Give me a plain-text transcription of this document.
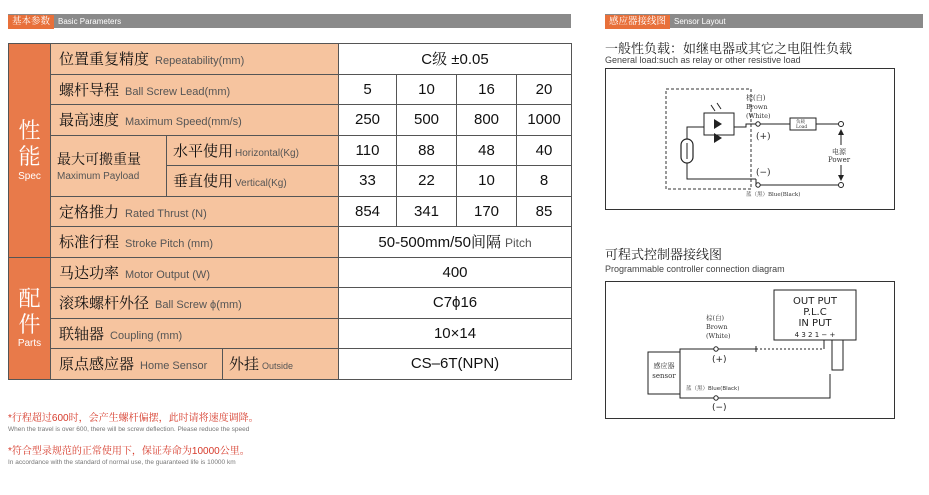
基本参数 Basic Parameters	感应器接线图 Sensor Layout
性
能
Spec	位置重复精度 Repeatability(mm)			C级 ±0.05			
	螺杆导程 Ball Screw Lead(mm)			5	10	16	20
	最高速度 Maximum Speed(mm/s)			250	500	800	1000

	最大可搬重量
Maximum Payload	水平使用 Horizontal(Kg)		110	88	48	40
		垂直使用 Vertical(Kg)		33	22	10	8
	定格推力 Rated Thrust (N)			854	341	170	85
	标准行程 Stroke Pitch (mm)			50-500mm/50间隔 Pitch			
配
件
Parts	马达功率 Motor Output (W)			400			
	滚珠螺杆外径 Ball Screw ϕ(mm)			C7ϕ16			
	联轴器 Coupling (mm)			10×14			
	原点感应器 Home Sensor		外挂 Outside	CS–6T(NPN)			
*行程超过600时，会产生螺杆偏摆，此时请将速度调降。
When the travel is over 600, there will be screw deflection. Please reduce the speed
*符合型录规范的正常使用下，保证寿命为10000公里。
In accordance with the standard of normal use, the guaranteed life is 10000 km
一般性负载：如继电器或其它之电阻性负载
General load:such as relay or other resistive load
棕(白)
Brown
(White)
(+)
(−)
负载
Load
电源
Power
蓝（黑）Blue(Black)
可程式控制器接线图
Programmable controller connection diagram
OUT PUT
P.L.C
IN PUT
4 3 2 1 − +
感应器
sensor
棕(白)
Brown
(White)
(+)
蓝（黑）Blue(Black)
(−)
